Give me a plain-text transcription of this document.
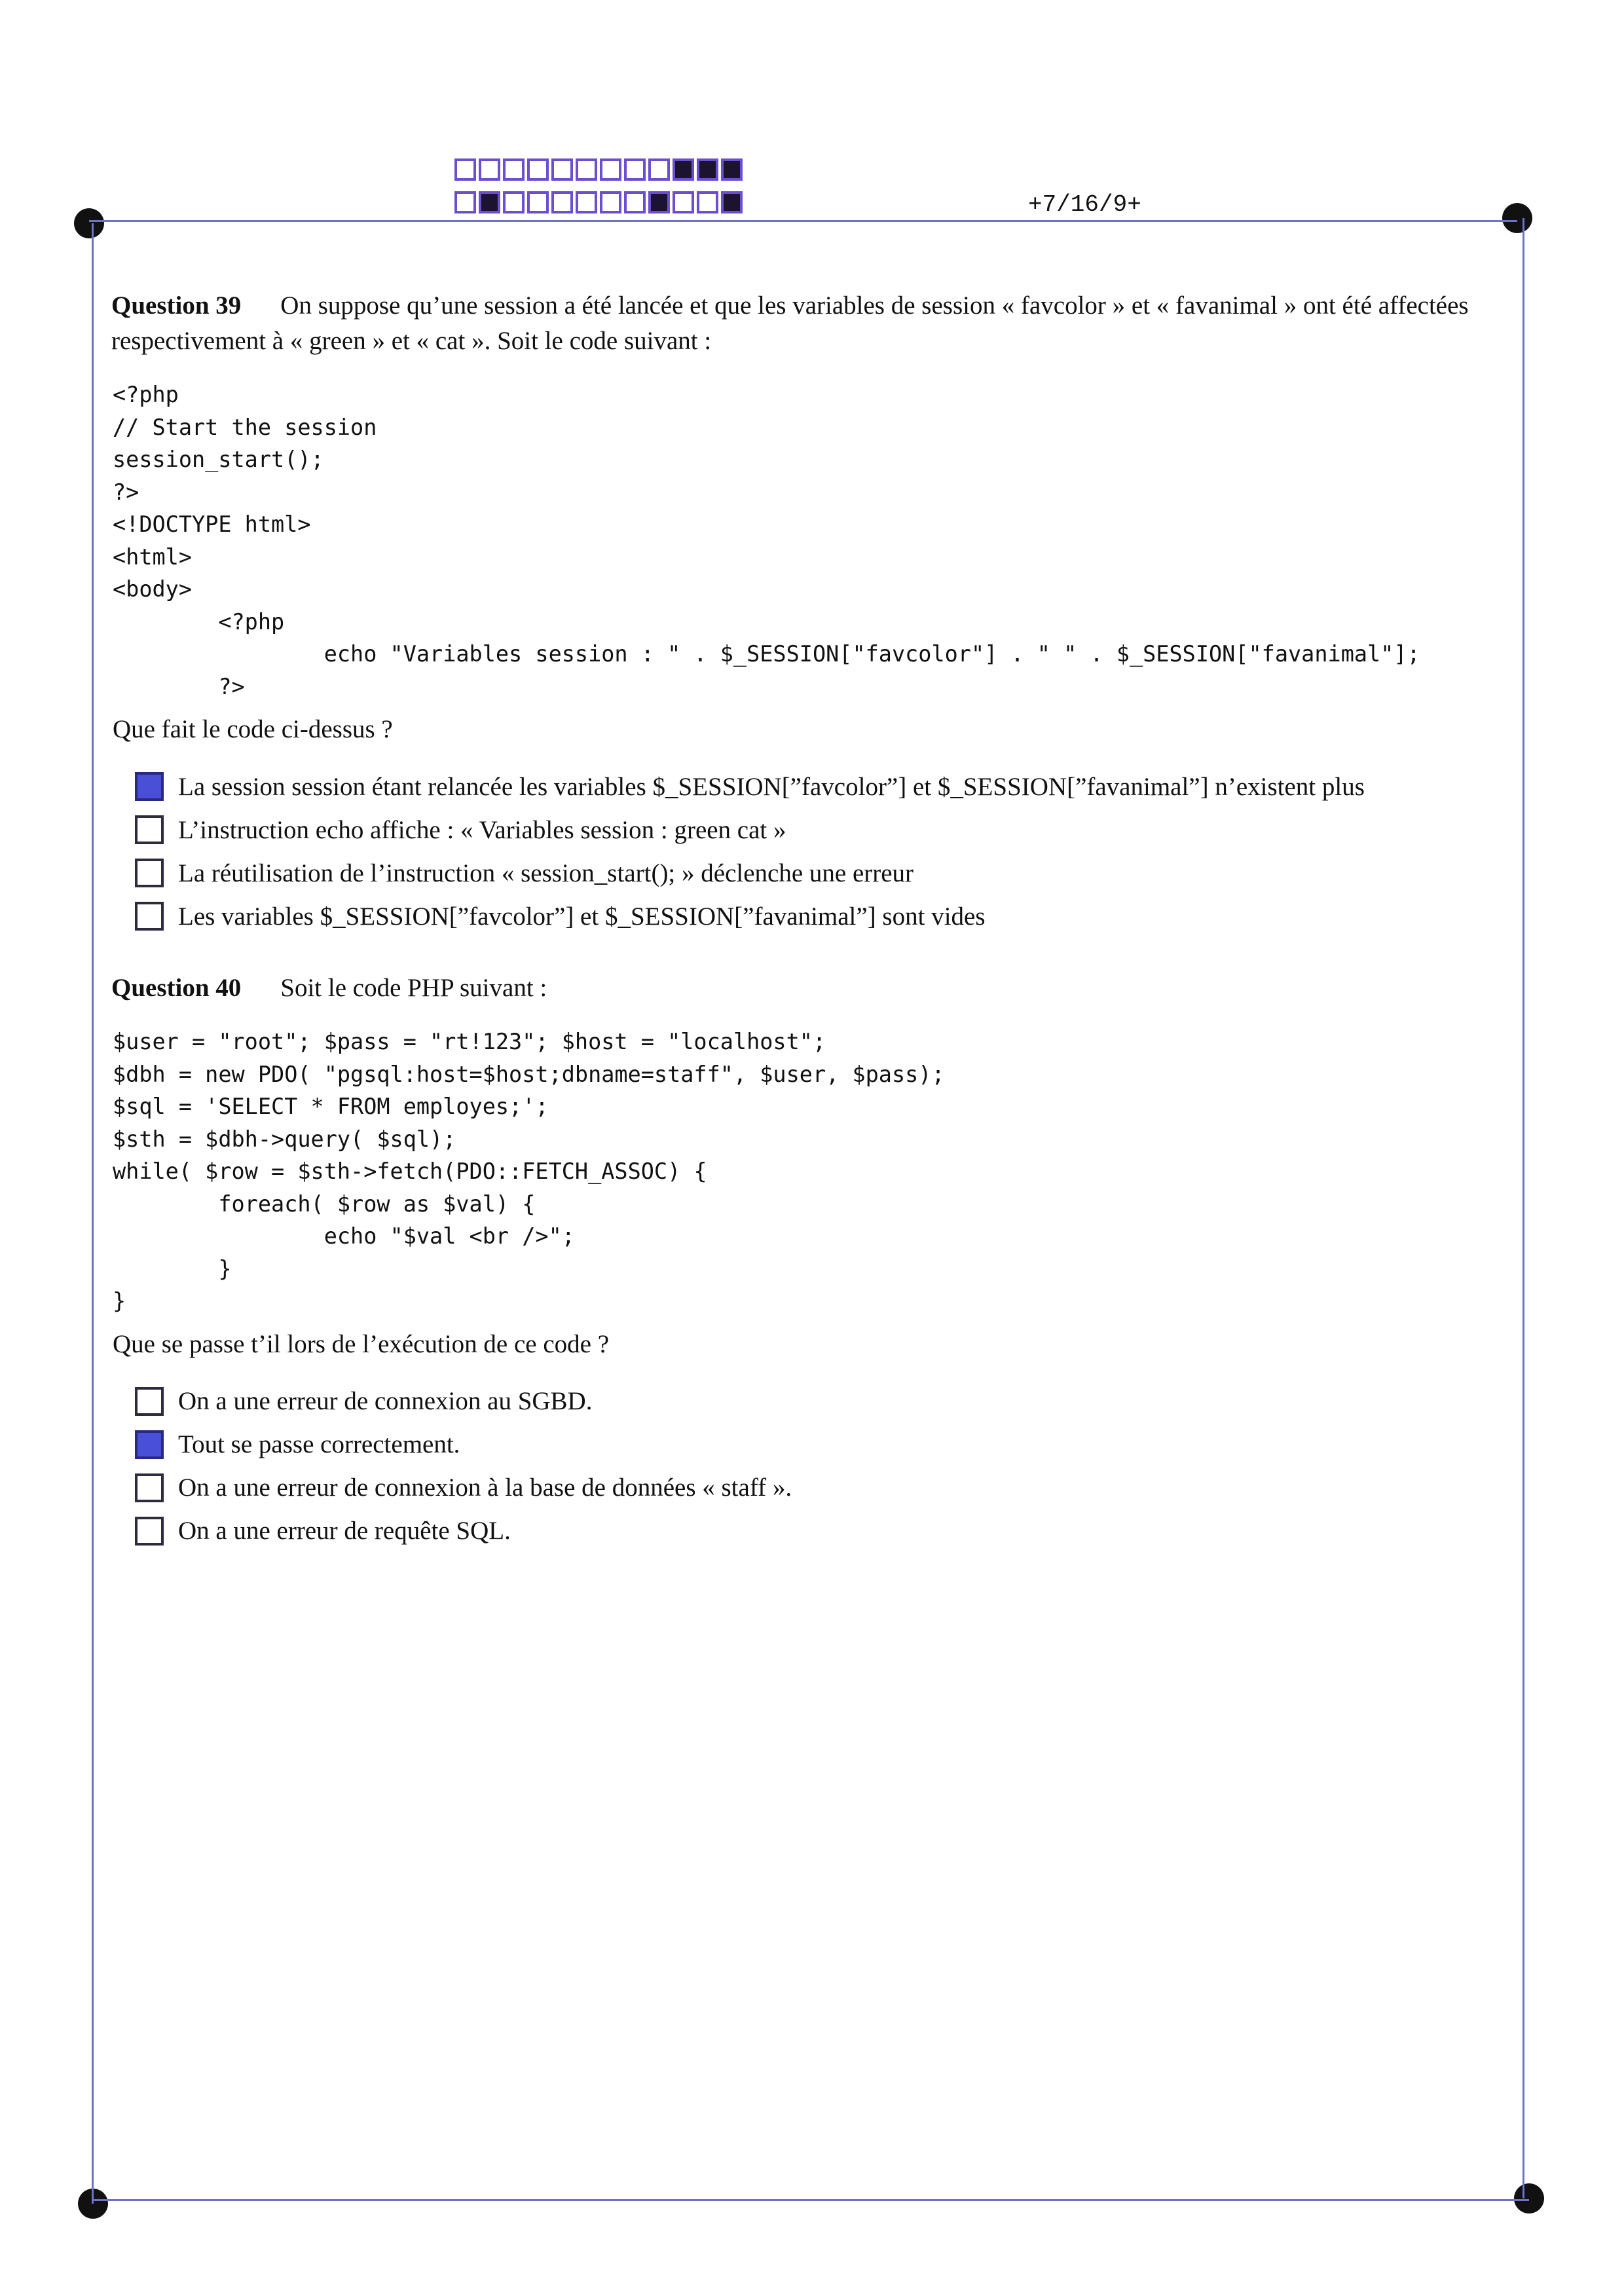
+7/16/9+

Question 39 On suppose qu’une session a été lancée et que les variables de session « favcolor » et « favanimal » ont été affectées respectivement à « green » et « cat ». Soit le code suivant :

<?php
// Start the session
session_start();
?>
<!DOCTYPE html>
<html>
<body>
<?php
echo "Variables session : " . $_SESSION["favcolor"] . " " . $_SESSION["favanimal"];
?>

Que fait le code ci-dessus ?

La session session étant relancée les variables $_SESSION[”favcolor”] et $_SESSION[”favanimal”] n’existent plus
L’instruction echo affiche : « Variables session : green cat »
La réutilisation de l’instruction « session_start(); » déclenche une erreur
Les variables $_SESSION[”favcolor”] et $_SESSION[”favanimal”] sont vides

Question 40 Soit le code PHP suivant :

$user = "root"; $pass = "rt!123"; $host = "localhost";
$dbh = new PDO( "pgsql:host=$host;dbname=staff", $user, $pass);
$sql = 'SELECT * FROM employes;';
$sth = $dbh->query( $sql);
while( $row = $sth->fetch(PDO::FETCH_ASSOC) {
foreach( $row as $val) {
echo "$val <br />";
}
}

Que se passe t’il lors de l’exécution de ce code ?

On a une erreur de connexion au SGBD.
Tout se passe correctement.
On a une erreur de connexion à la base de données « staff ».
On a une erreur de requête SQL.
